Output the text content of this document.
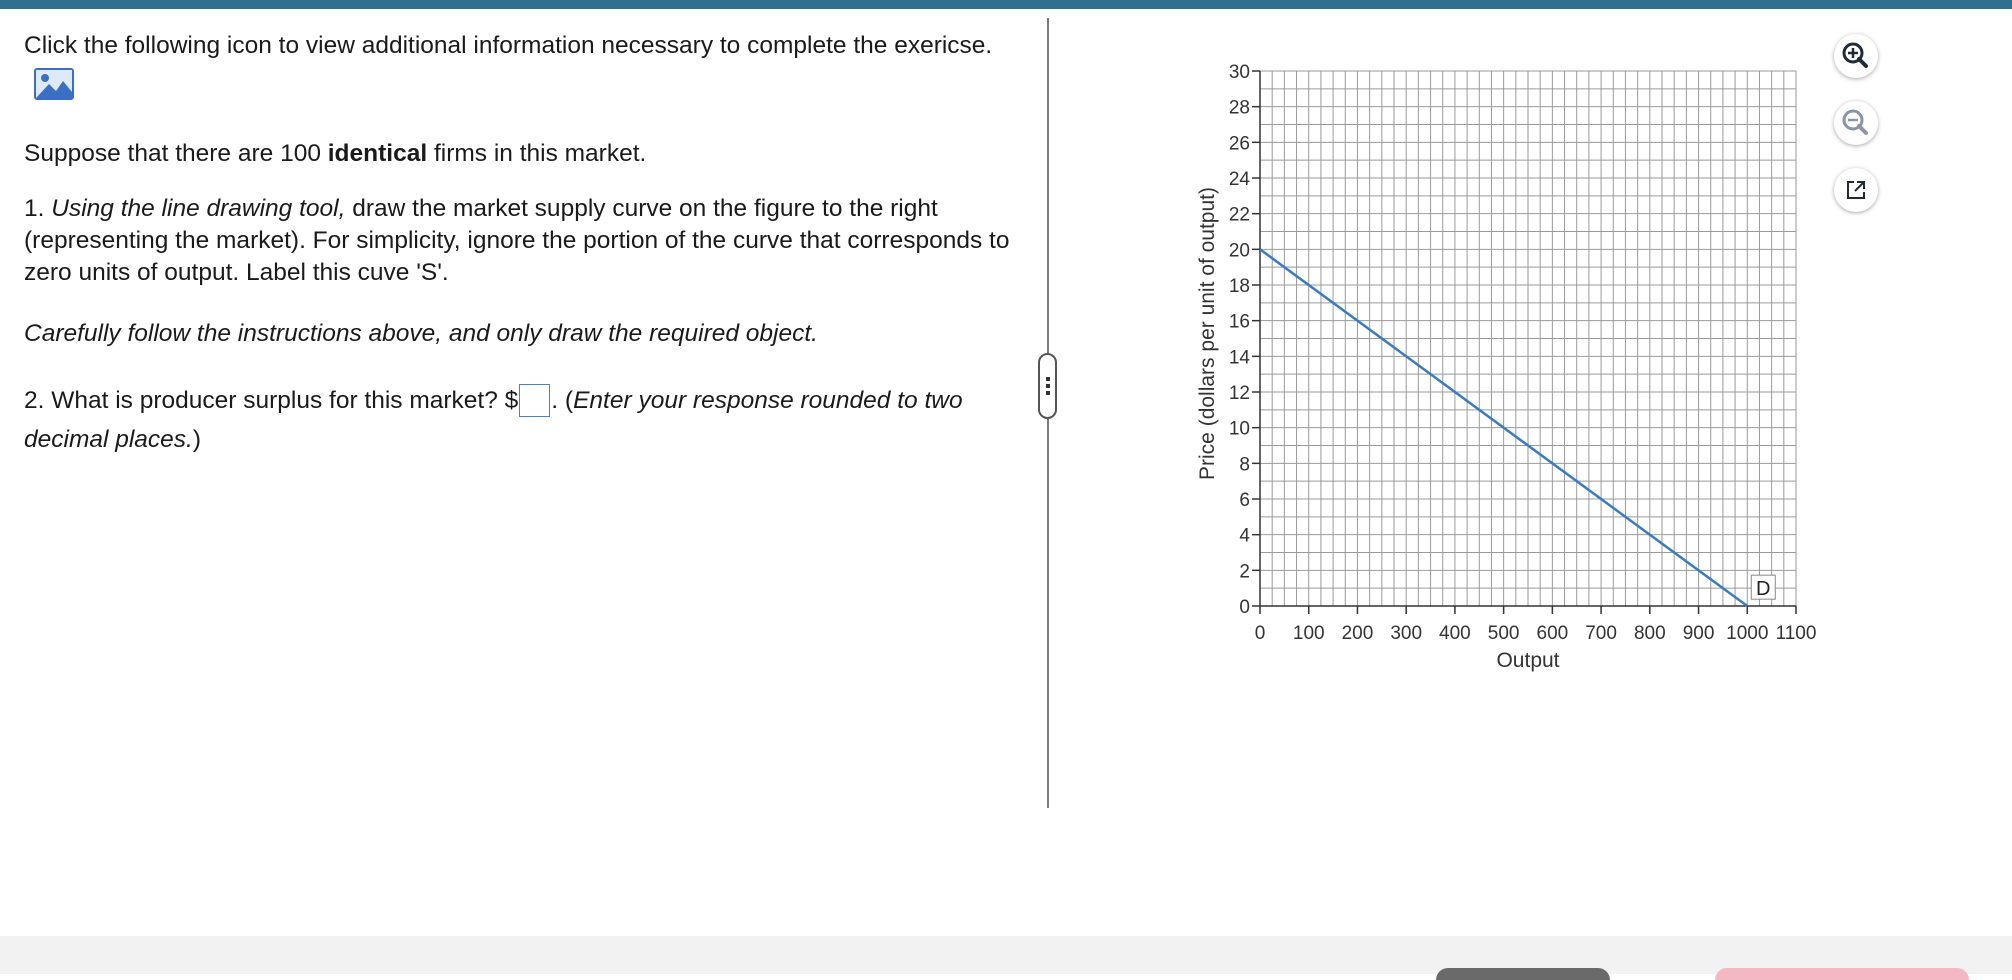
Click the following icon to view additional information necessary to complete the exericse.

Suppose that there are 100 identical firms in this market.

1. Using the line drawing tool, draw the market supply curve on the figure to the right (representing the market). For simplicity, ignore the portion of the curve that corresponds to zero units of output. Label this cuve 'S'.

Carefully follow the instructions above, and only draw the required object.

2. What is producer surplus for this market? $ . (Enter your response rounded to two decimal places.)

0
2
4
6
8
10
12
14
16
18
20
22
24
26
28
30
0 100 200 300 400 500 600 700 800 900 1000 1100
Output
Price (dollars per unit of output)
D
